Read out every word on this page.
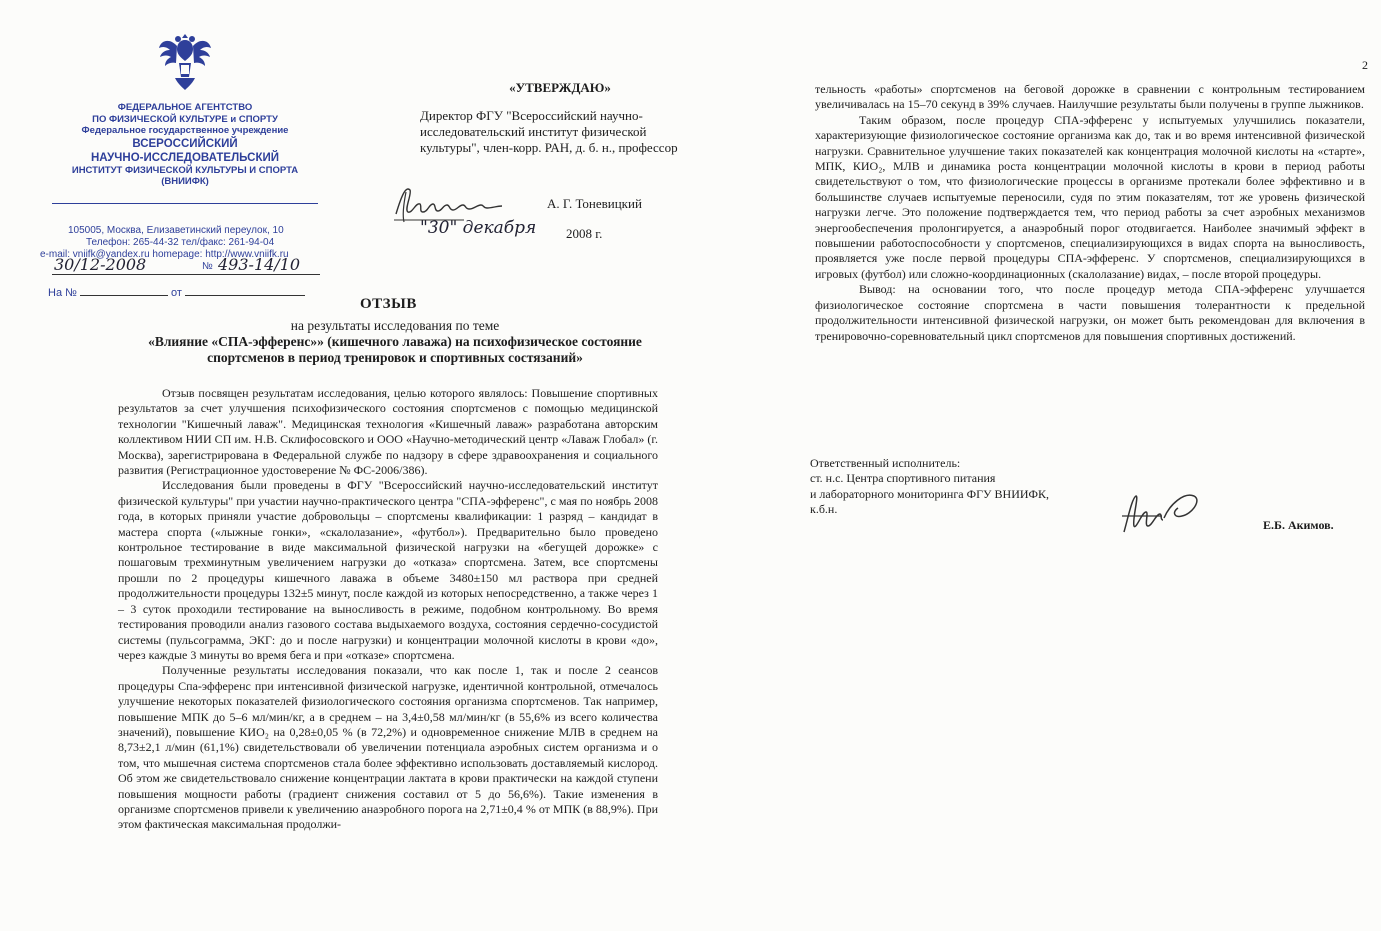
ФЕДЕРАЛЬНОЕ АГЕНТСТВО
ПО ФИЗИЧЕСКОЙ КУЛЬТУРЕ и СПОРТУ
Федеральное государственное учреждение
ВСЕРОССИЙСКИЙ
НАУЧНО-ИССЛЕДОВАТЕЛЬСКИЙ
ИНСТИТУТ ФИЗИЧЕСКОЙ КУЛЬТУРЫ И СПОРТА
(ВНИИФК)
105005, Москва, Елизаветинский переулок, 10
Телефон: 265-44-32 тел/факс: 261-94-04
e-mail: vniifk@yandex.ru homepage: http://www.vniifk.ru
30/12-2008	№ 493-14/10
На №	от
«УТВЕРЖДАЮ»
Директор ФГУ "Всероссийский научно-исследовательский институт физической культуры", член-корр. РАН, д. б. н., профессор
А. Г. Тоневицкий
"30" декабря 2008 г.
ОТЗЫВ
на результаты исследования по теме
«Влияние «СПА-эфференс»» (кишечного лаважа) на психофизическое состояние спортсменов в период тренировок и спортивных состязаний»

Отзыв посвящен результатам исследования, целью которого являлось: Повышение спортивных результатов за счет улучшения психофизического состояния спортсменов с помощью медицинской технологии "Кишечный лаваж". Медицинская технология «Кишечный лаваж» разработана авторским коллективом НИИ СП им. Н.В. Склифосовского и ООО «Научно-методический центр «Лаваж Глобал» (г. Москва), зарегистрирована в Федеральной службе по надзору в сфере здравоохранения и социального развития (Регистрационное удостоверение № ФС-2006/386).

Исследования были проведены в ФГУ "Всероссийский научно-исследовательский институт физической культуры" при участии научно-практического центра "СПА-эфференс", с мая по ноябрь 2008 года, в которых приняли участие добровольцы – спортсмены квалификации: 1 разряд – кандидат в мастера спорта («лыжные гонки», «скалолазание», «футбол»). Предварительно было проведено контрольное тестирование в виде максимальной физической нагрузки на «бегущей дорожке» с пошаговым трехминутным увеличением нагрузки до «отказа» спортсмена. Затем, все спортсмены прошли по 2 процедуры кишечного лаважа в объеме 3480±150 мл раствора при средней продолжительности процедуры 132±5 минут, после каждой из которых непосредственно, а также через 1 – 3 суток проходили тестирование на выносливость в режиме, подобном контрольному. Во время тестирования проводили анализ газового состава выдыхаемого воздуха, состояния сердечно-сосудистой системы (пульсограмма, ЭКГ: до и после нагрузки) и концентрации молочной кислоты в крови «до», через каждые 3 минуты во время бега и при «отказе» спортсмена.

Полученные результаты исследования показали, что как после 1, так и после 2 сеансов процедуры Спа-эфференс при интенсивной физической нагрузке, идентичной контрольной, отмечалось улучшение некоторых показателей физиологического состояния организма спортсменов. Так например, повышение МПК до 5–6 мл/мин/кг, а в среднем – на 3,4±0,58 мл/мин/кг (в 55,6% из всего количества значений), повышение КИО₂ на 0,28±0,05 % (в 72,2%) и одновременное снижение МЛВ в среднем на 8,73±2,1 л/мин (61,1%) свидетельствовали об увеличении потенциала аэробных систем организма и о том, что мышечная система спортсменов стала более эффективно использовать доставляемый кислород. Об этом же свидетельствовало снижение концентрации лактата в крови практически на каждой ступени повышения мощности работы (градиент снижения составил от 5 до 56,6%). Такие изменения в организме спортсменов привели к увеличению анаэробного порога на 2,71±0,4 % от МПК (в 88,9%). При этом фактическая максимальная продолжи-

2

тельность «работы» спортсменов на беговой дорожке в сравнении с контрольным тестированием увеличивалась на 15–70 секунд в 39% случаев. Наилучшие результаты были получены в группе лыжников.

Таким образом, после процедур СПА-эфференс у испытуемых улучшились показатели, характеризующие физиологическое состояние организма как до, так и во время интенсивной физической нагрузки. Сравнительное улучшение таких показателей как концентрация молочной кислоты на «старте», МПК, КИО₂, МЛВ и динамика роста концентрации молочной кислоты в крови в период работы свидетельствуют о том, что физиологические процессы в организме протекали более эффективно и в большинстве случаев испытуемые переносили, судя по этим показателям, тот же уровень физической нагрузки легче. Это положение подтверждается тем, что период работы за счет аэробных механизмов энергообеспечения пролонгируется, а анаэробный порог отодвигается. Наиболее значимый эффект в повышении работоспособности у спортсменов, специализирующихся в видах спорта на выносливость, проявляется уже после первой процедуры СПА-эфференс. У спортсменов, специализирующихся в игровых (футбол) или сложно-координационных (скалолазание) видах, – после второй процедуры.

Вывод: на основании того, что после процедур метода СПА-эфференс улучшается физиологическое состояние спортсмена в части повышения толерантности к предельной продолжительности интенсивной физической нагрузки, он может быть рекомендован для включения в тренировочно-соревновательный цикл спортсменов для повышения спортивных достижений.

Ответственный исполнитель:
ст. н.с. Центра спортивного питания
и лабораторного мониторинга ФГУ ВНИИФК,
к.б.н.
Е.Б. Акимов.
